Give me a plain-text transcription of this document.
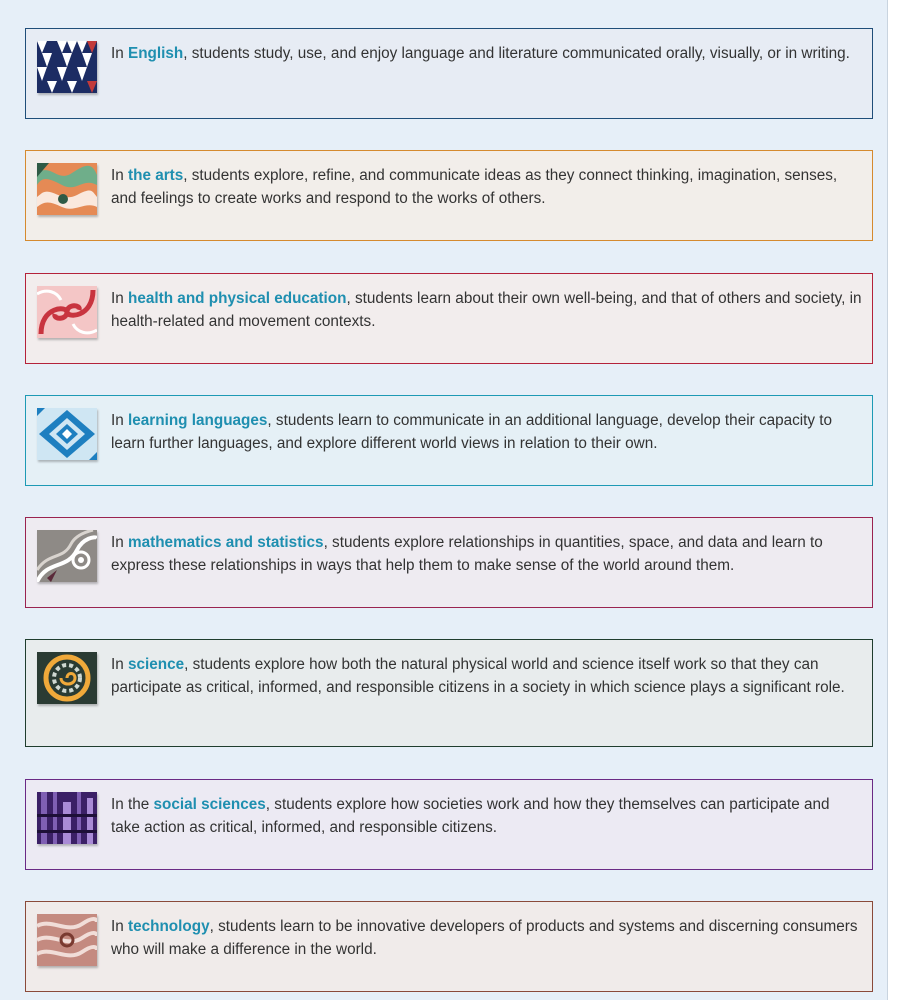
In English, students study, use, and enjoy language and literature communicated orally, visually, or in writing.
In the arts, students explore, refine, and communicate ideas as they connect thinking, imagination, senses, and feelings to create works and respond to the works of others.
In health and physical education, students learn about their own well-being, and that of others and society, in health-related and movement contexts.
In learning languages, students learn to communicate in an additional language, develop their capacity to learn further languages, and explore different world views in relation to their own.
In mathematics and statistics, students explore relationships in quantities, space, and data and learn to express these relationships in ways that help them to make sense of the world around them.
In science, students explore how both the natural physical world and science itself work so that they can participate as critical, informed, and responsible citizens in a society in which science plays a significant role.
In the social sciences, students explore how societies work and how they themselves can participate and take action as critical, informed, and responsible citizens.
In technology, students learn to be innovative developers of products and systems and discerning consumers who will make a difference in the world.
